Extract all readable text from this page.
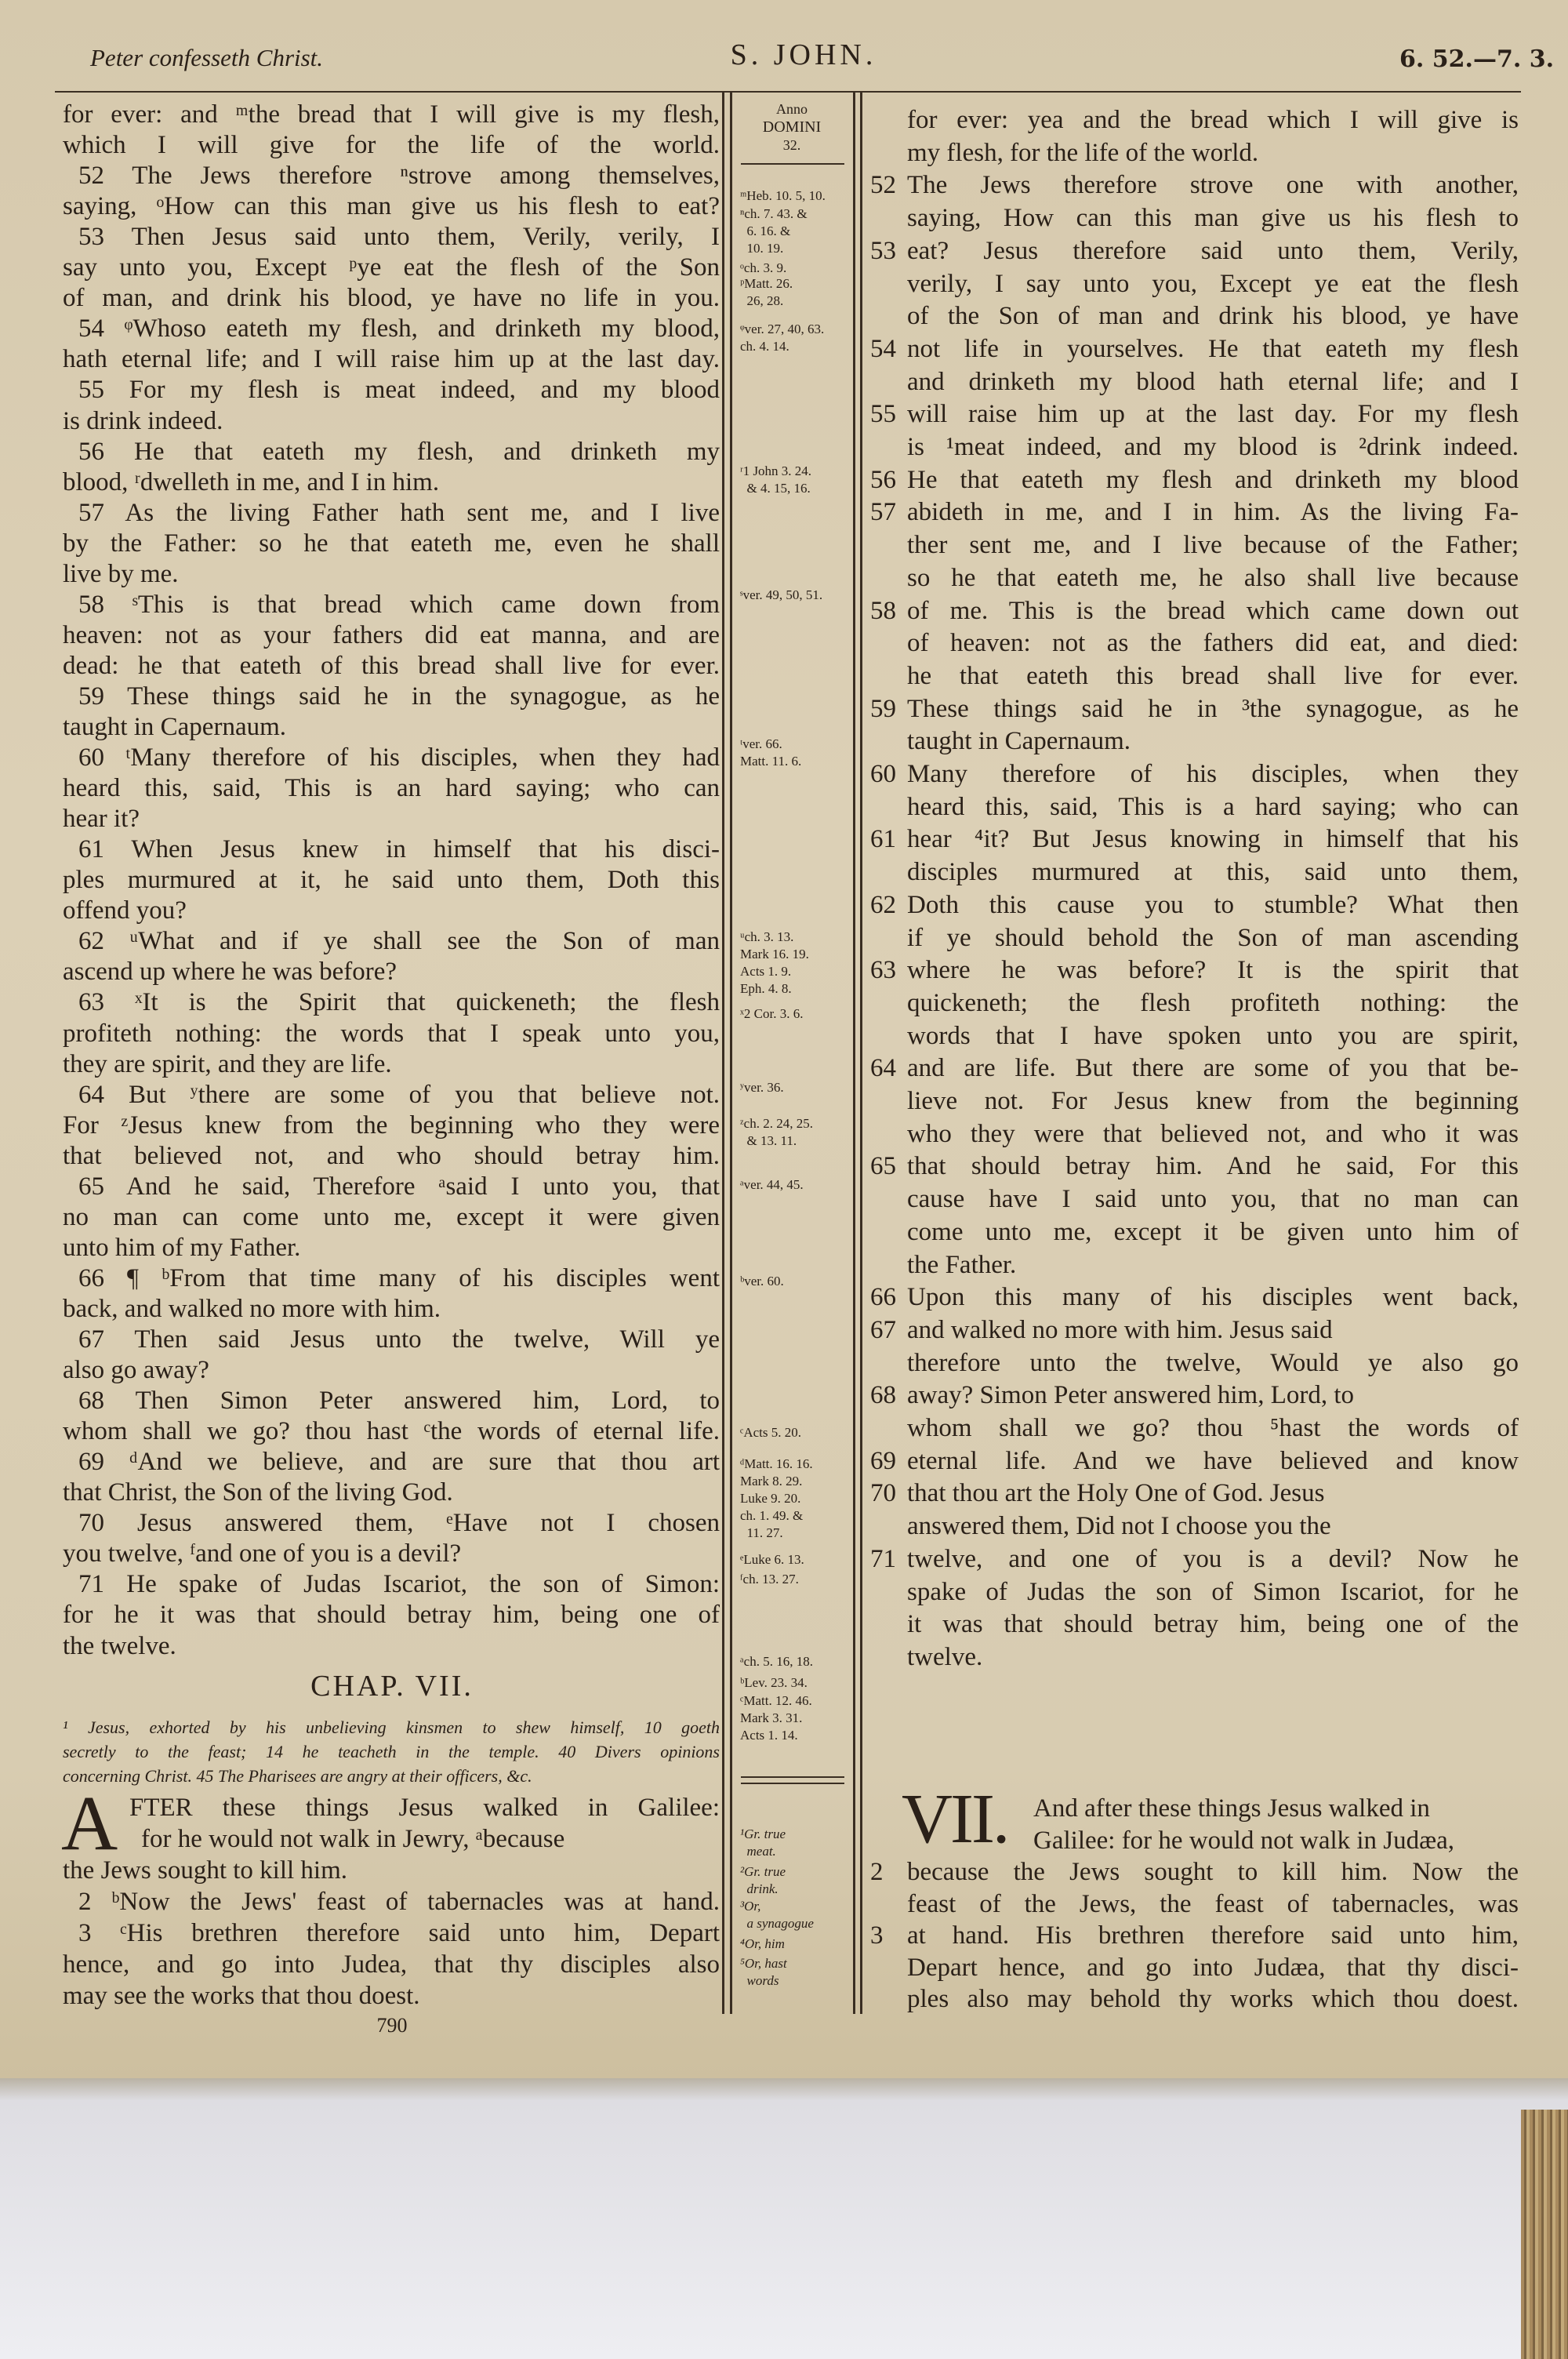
Peter confesseth Christ.	S. JOHN.	6. 52.—7. 3.
Anno
DOMINI
32.
for ever: and ᵐthe bread that I will give is my flesh,
which I will give for the life of the world.
52 The Jews therefore ⁿstrove among themselves,
saying, ᵒHow can this man give us his flesh to eat?
53 Then Jesus said unto them, Verily, verily, I
say unto you, Except ᵖye eat the flesh of the Son
of man, and drink his blood, ye have no life in you.
54 ᵠWhoso eateth my flesh, and drinketh my blood,
hath eternal life; and I will raise him up at the last day.
55 For my flesh is meat indeed, and my blood
is drink indeed.
56 He that eateth my flesh, and drinketh my
blood, ʳdwelleth in me, and I in him.
57 As the living Father hath sent me, and I live
by the Father: so he that eateth me, even he shall
live by me.
58 ˢThis is that bread which came down from
heaven: not as your fathers did eat manna, and are
dead: he that eateth of this bread shall live for ever.
59 These things said he in the synagogue, as he
taught in Capernaum.
60 ᵗMany therefore of his disciples, when they had
heard this, said, This is an hard saying; who can
hear it?
61 When Jesus knew in himself that his disci-
ples murmured at it, he said unto them, Doth this
offend you?
62 ᵘWhat and if ye shall see the Son of man
ascend up where he was before?
63 ˣIt is the Spirit that quickeneth; the flesh
profiteth nothing: the words that I speak unto you,
they are spirit, and they are life.
64 But ʸthere are some of you that believe not.
For ᶻJesus knew from the beginning who they were
that believed not, and who should betray him.
65 And he said, Therefore ᵃsaid I unto you, that
no man can come unto me, except it were given
unto him of my Father.
66 ¶ ᵇFrom that time many of his disciples went
back, and walked no more with him.
67 Then said Jesus unto the twelve, Will ye
also go away?
68 Then Simon Peter answered him, Lord, to
whom shall we go? thou hast ᶜthe words of eternal life.
69 ᵈAnd we believe, and are sure that thou art
that Christ, the Son of the living God.
70 Jesus answered them, ᵉHave not I chosen
you twelve, ᶠand one of you is a devil?
71 He spake of Judas Iscariot, the son of Simon:
for he it was that should betray him, being one of
the twelve.
CHAP. VII.
¹ Jesus, exhorted by his unbelieving kinsmen to shew himself, 10 goeth
secretly to the feast; 14 he teacheth in the temple. 40 Divers opinions
concerning Christ. 45 The Pharisees are angry at their officers, &c.
A FTER these things Jesus walked in Galilee:
for he would not walk in Jewry, ᵃbecause
the Jews sought to kill him.
2 ᵇNow the Jews' feast of tabernacles was at hand.
3 ᶜHis brethren therefore said unto him, Depart
hence, and go into Judea, that thy disciples also
may see the works that thou doest.
790
ᵐHeb. 10. 5, 10.
ⁿch. 7. 43. &
6. 16. &
10. 19.
ᵒch. 3. 9.
ᵖMatt. 26.
26, 28.
ᵠver. 27, 40, 63.
ch. 4. 14.
ʳ1 John 3. 24.
& 4. 15, 16.
ˢver. 49, 50, 51.
ᵗver. 66.
Matt. 11. 6.
ᵘch. 3. 13.
Mark 16. 19.
Acts 1. 9.
Eph. 4. 8.
ˣ2 Cor. 3. 6.
ʸver. 36.
ᶻch. 2. 24, 25.
& 13. 11.
ᵃver. 44, 45.
ᵇver. 60.
ᶜActs 5. 20.
ᵈMatt. 16. 16.
Mark 8. 29.
Luke 9. 20.
ch. 1. 49. &
11. 27.
ᵉLuke 6. 13.
ᶠch. 13. 27.
ᵃch. 5. 16, 18.
ᵇLev. 23. 34.
ᶜMatt. 12. 46.
Mark 3. 31.
Acts 1. 14.
¹Gr. true
meat.
²Gr. true
drink.
³Or,
a synagogue
⁴Or, him
⁵Or, hast
words
for ever: yea and the bread which I will give is
my flesh, for the life of the world.
52 The Jews therefore strove one with another,
saying, How can this man give us his flesh to
53 eat? Jesus therefore said unto them, Verily,
verily, I say unto you, Except ye eat the flesh
of the Son of man and drink his blood, ye have
54 not life in yourselves. He that eateth my flesh
and drinketh my blood hath eternal life; and I
55 will raise him up at the last day. For my flesh
is ¹meat indeed, and my blood is ²drink indeed.
56 He that eateth my flesh and drinketh my blood
57 abideth in me, and I in him. As the living Fa-
ther sent me, and I live because of the Father;
so he that eateth me, he also shall live because
58 of me. This is the bread which came down out
of heaven: not as the fathers did eat, and died:
he that eateth this bread shall live for ever.
59 These things said he in ³the synagogue, as he
taught in Capernaum.
60 Many therefore of his disciples, when they
heard this, said, This is a hard saying; who can
61 hear ⁴it? But Jesus knowing in himself that his
disciples murmured at this, said unto them,
62 Doth this cause you to stumble? What then
if ye should behold the Son of man ascending
63 where he was before? It is the spirit that
quickeneth; the flesh profiteth nothing: the
words that I have spoken unto you are spirit,
64 and are life. But there are some of you that be-
lieve not. For Jesus knew from the beginning
who they were that believed not, and who it was
65 that should betray him. And he said, For this
cause have I said unto you, that no man can
come unto me, except it be given unto him of
the Father.
66 Upon this many of his disciples went back,
67 and walked no more with him. Jesus said
therefore unto the twelve, Would ye also go
68 away? Simon Peter answered him, Lord, to
whom shall we go? thou ⁵hast the words of
69 eternal life. And we have believed and know
70 that thou art the Holy One of God. Jesus
answered them, Did not I choose you the
71 twelve, and one of you is a devil? Now he
spake of Judas the son of Simon Iscariot, for he
it was that should betray him, being one of the
twelve.
VII. And after these things Jesus walked in
Galilee: for he would not walk in Judæa,
2 because the Jews sought to kill him. Now the
feast of the Jews, the feast of tabernacles, was
3 at hand. His brethren therefore said unto him,
Depart hence, and go into Judæa, that thy disci-
ples also may behold thy works which thou doest.
